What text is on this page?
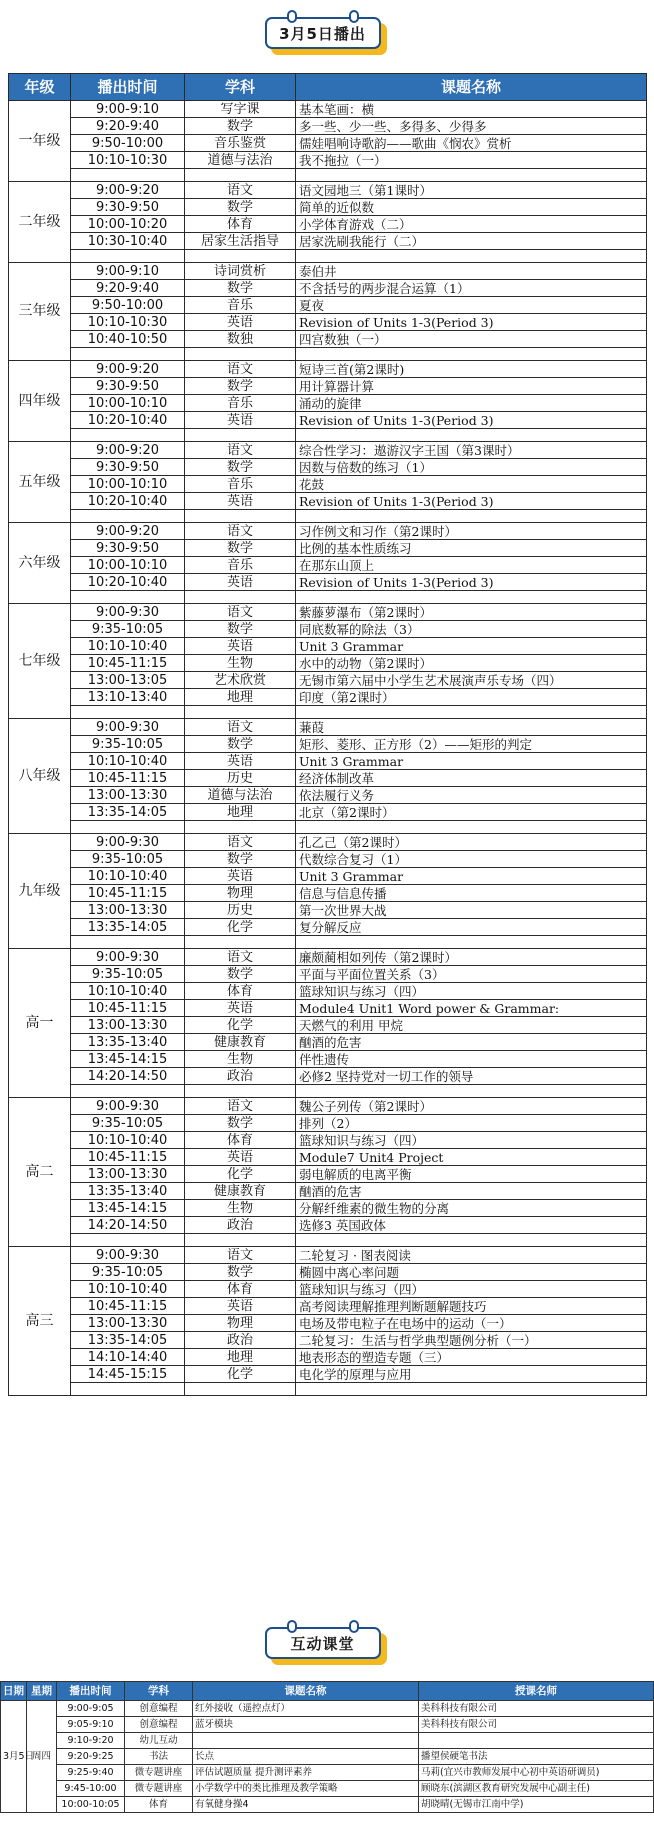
3月5日播出
年级	播出时间	学科	课题名称
一年级	9:00-9:10	写字课	基本笔画：横
	9:20-9:40	数学	多一些、少一些、多得多、少得多
	9:50-10:00	音乐鉴赏	儒娃唱响诗歌韵——歌曲《悯农》赏析
	10:10-10:30	道德与法治	我不拖拉（一）

二年级	9:00-9:20	语文	语文园地三（第1课时）
	9:30-9:50	数学	简单的近似数
	10:00-10:20	体育	小学体育游戏（二）
	10:30-10:40	居家生活指导	居家洗刷我能行（二）

三年级	9:00-9:10	诗词赏析	泰伯井
	9:20-9:40	数学	不含括号的两步混合运算（1）
	9:50-10:00	音乐	夏夜
	10:10-10:30	英语	Revision of Units 1-3(Period 3)
	10:40-10:50	数独	四宫数独（一）

四年级	9:00-9:20	语文	短诗三首(第2课时)
	9:30-9:50	数学	用计算器计算
	10:00-10:10	音乐	涌动的旋律
	10:20-10:40	英语	Revision of Units 1-3(Period 3)

五年级	9:00-9:20	语文	综合性学习：遨游汉字王国（第3课时）
	9:30-9:50	数学	因数与倍数的练习（1）
	10:00-10:10	音乐	花鼓
	10:20-10:40	英语	Revision of Units 1-3(Period 3)

六年级	9:00-9:20	语文	习作例文和习作（第2课时）
	9:30-9:50	数学	比例的基本性质练习
	10:00-10:10	音乐	在那东山顶上
	10:20-10:40	英语	Revision of Units 1-3(Period 3)

七年级	9:00-9:30	语文	紫藤萝瀑布（第2课时）
	9:35-10:05	数学	同底数幂的除法（3）
	10:10-10:40	英语	Unit 3 Grammar
	10:45-11:15	生物	水中的动物（第2课时）
	13:00-13:05	艺术欣赏	无锡市第六届中小学生艺术展演声乐专场（四）
	13:10-13:40	地理	印度（第2课时）

八年级	9:00-9:30	语文	蒹葭
	9:35-10:05	数学	矩形、菱形、正方形（2）——矩形的判定
	10:10-10:40	英语	Unit 3 Grammar
	10:45-11:15	历史	经济体制改革
	13:00-13:30	道德与法治	依法履行义务
	13:35-14:05	地理	北京（第2课时）

九年级	9:00-9:30	语文	孔乙己（第2课时）
	9:35-10:05	数学	代数综合复习（1）
	10:10-10:40	英语	Unit 3 Grammar
	10:45-11:15	物理	信息与信息传播
	13:00-13:30	历史	第一次世界大战
	13:35-14:05	化学	复分解反应

高一	9:00-9:30	语文	廉颇蔺相如列传（第2课时）
	9:35-10:05	数学	平面与平面位置关系（3）
	10:10-10:40	体育	篮球知识与练习（四）
	10:45-11:15	英语	Module4 Unit1 Word power & Grammar:
	13:00-13:30	化学	天燃气的利用 甲烷
	13:35-13:40	健康教育	酗酒的危害
	13:45-14:15	生物	伴性遗传
	14:20-14:50	政治	必修2 坚持党对一切工作的领导

高二	9:00-9:30	语文	魏公子列传（第2课时）
	9:35-10:05	数学	排列（2）
	10:10-10:40	体育	篮球知识与练习（四）
	10:45-11:15	英语	Module7 Unit4 Project
	13:00-13:30	化学	弱电解质的电离平衡
	13:35-13:40	健康教育	酗酒的危害
	13:45-14:15	生物	分解纤维素的微生物的分离
	14:20-14:50	政治	选修3 英国政体

高三	9:00-9:30	语文	二轮复习 · 图表阅读
	9:35-10:05	数学	椭圆中离心率问题
	10:10-10:40	体育	篮球知识与练习（四）
	10:45-11:15	英语	高考阅读理解推理判断题解题技巧
	13:00-13:30	物理	电场及带电粒子在电场中的运动（一）
	13:35-14:05	政治	二轮复习：生活与哲学典型题例分析（一）
	14:10-14:40	地理	地表形态的塑造专题（三）
	14:45-15:15	化学	电化学的原理与应用

互动课堂
日期	星期	播出时间	学科	课题名称	授课名师
3月5日	周四	9:00-9:05	创意编程	红外接收（遥控点灯）	美科科技有限公司
		9:05-9:10	创意编程	蓝牙模块	美科科技有限公司
		9:10-9:20	幼儿互动		
		9:20-9:25	书法	长点	播望侯硬笔书法
		9:25-9:40	微专题讲座	评估试题质量 提升测评素养	马莉(宜兴市教师发展中心初中英语研调员)
		9:45-10:00	微专题讲座	小学数学中的类比推理及教学策略	顾晓东(滨湖区教育研究发展中心副主任)
		10:00-10:05	体育	有氧健身操4	胡晓晴(无锡市江南中学)
